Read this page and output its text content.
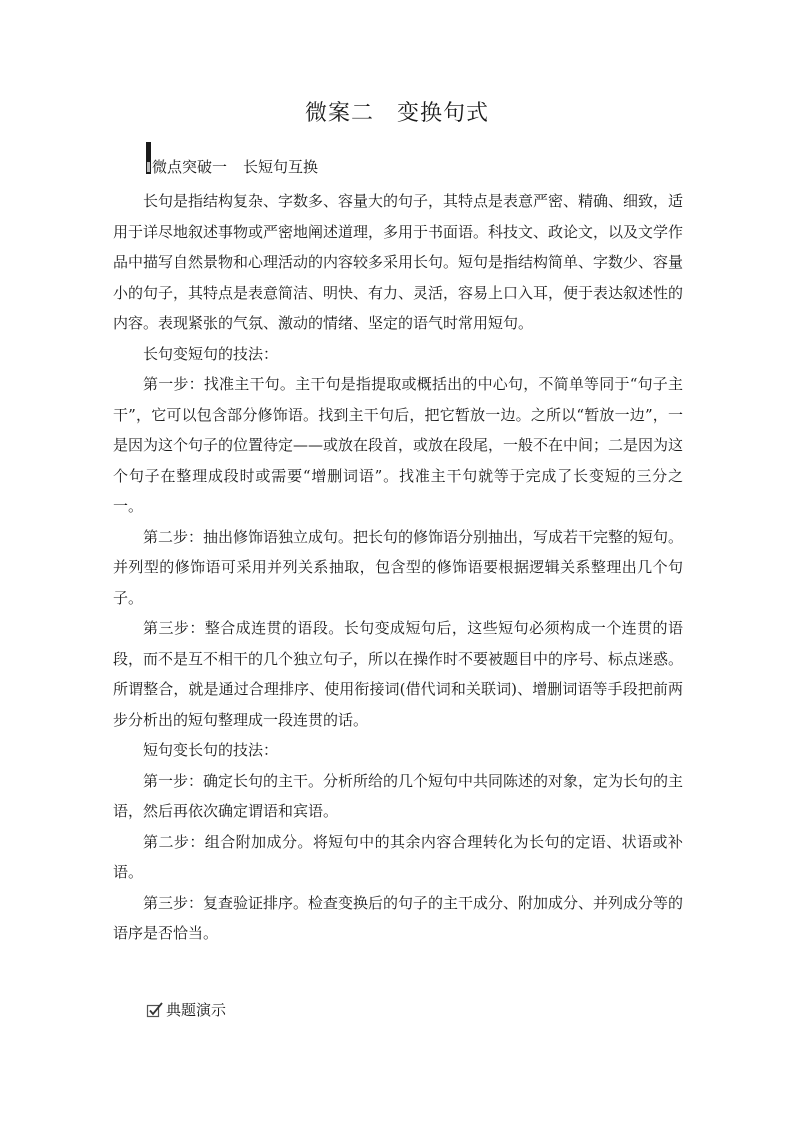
微案二　变换句式
微点突破一 长短句互换

长句是指结构复杂、字数多、容量大的句子，其特点是表意严密、精确、细致，适用于详尽地叙述事物或严密地阐述道理，多用于书面语。科技文、政论文，以及文学作品中描写自然景物和心理活动的内容较多采用长句。短句是指结构简单、字数少、容量小的句子，其特点是表意简洁、明快、有力、灵活，容易上口入耳，便于表达叙述性的内容。表现紧张的气氛、激动的情绪、坚定的语气时常用短句。

长句变短句的技法：

第一步：找准主干句。主干句是指提取或概括出的中心句，不简单等同于“句子主干”，它可以包含部分修饰语。找到主干句后，把它暂放一边。之所以“暂放一边”，一是因为这个句子的位置待定——或放在段首，或放在段尾，一般不在中间；二是因为这个句子在整理成段时或需要“增删词语”。找准主干句就等于完成了长变短的三分之一。

第二步：抽出修饰语独立成句。把长句的修饰语分别抽出，写成若干完整的短句。并列型的修饰语可采用并列关系抽取，包含型的修饰语要根据逻辑关系整理出几个句子。

第三步：整合成连贯的语段。长句变成短句后，这些短句必须构成一个连贯的语段，而不是互不相干的几个独立句子，所以在操作时不要被题目中的序号、标点迷惑。所谓整合，就是通过合理排序、使用衔接词(借代词和关联词)、增删词语等手段把前两步分析出的短句整理成一段连贯的话。

短句变长句的技法：

第一步：确定长句的主干。分析所给的几个短句中共同陈述的对象，定为长句的主语，然后再依次确定谓语和宾语。

第二步：组合附加成分。将短句中的其余内容合理转化为长句的定语、状语或补语。

第三步：复查验证排序。检查变换后的句子的主干成分、附加成分、并列成分等的语序是否恰当。

典题演示
